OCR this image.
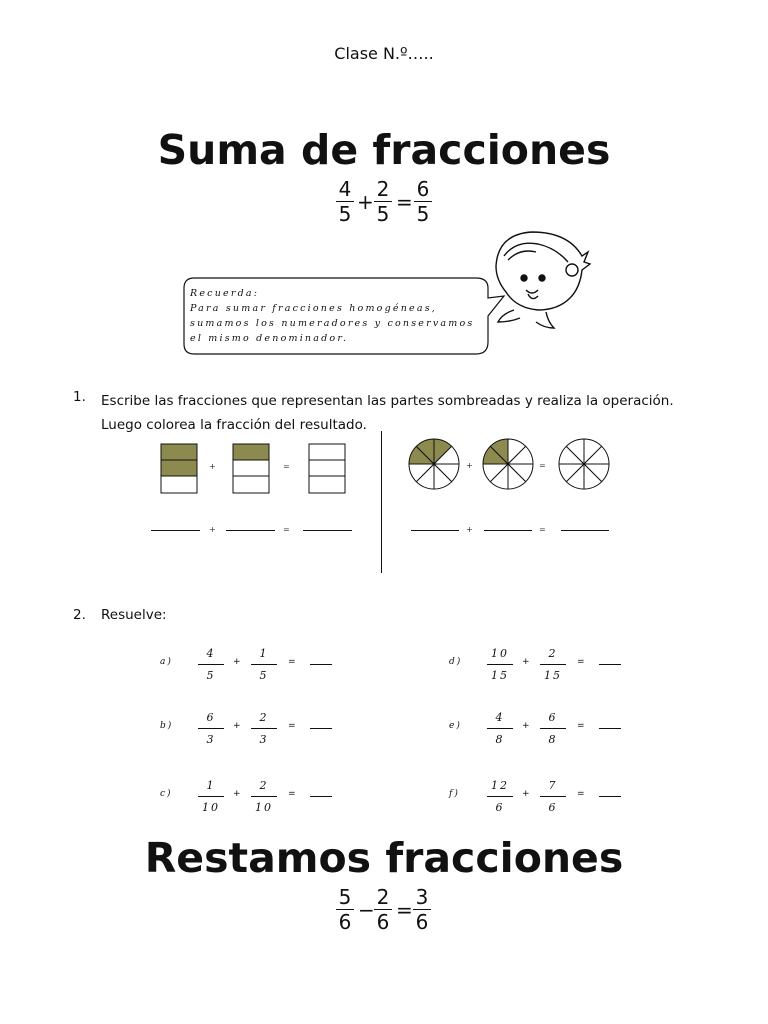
Clase N.º…..
Suma de fracciones
4
5 +
2
5 =
6
5
Recuerda:
Para sumar fracciones homogéneas,
sumamos los numeradores y conservamos
el mismo denominador.
1. Escribe las fracciones que representan las partes sombreadas y realiza la operación.
Luego colorea la fracción del resultado.
+	=
+	=
+	=
+	=
2. Resuelve:
a)
4
5
+
1
5
=
b)
6
3
+
2
3
=
c)
1
10
+
2
10
=
d)
10
15
+
2
15
=
e)
4
8
+
6
8
=
f)
12
6
+
7
6
=
Restamos fracciones
5
6 −
2
6 =
3
6
